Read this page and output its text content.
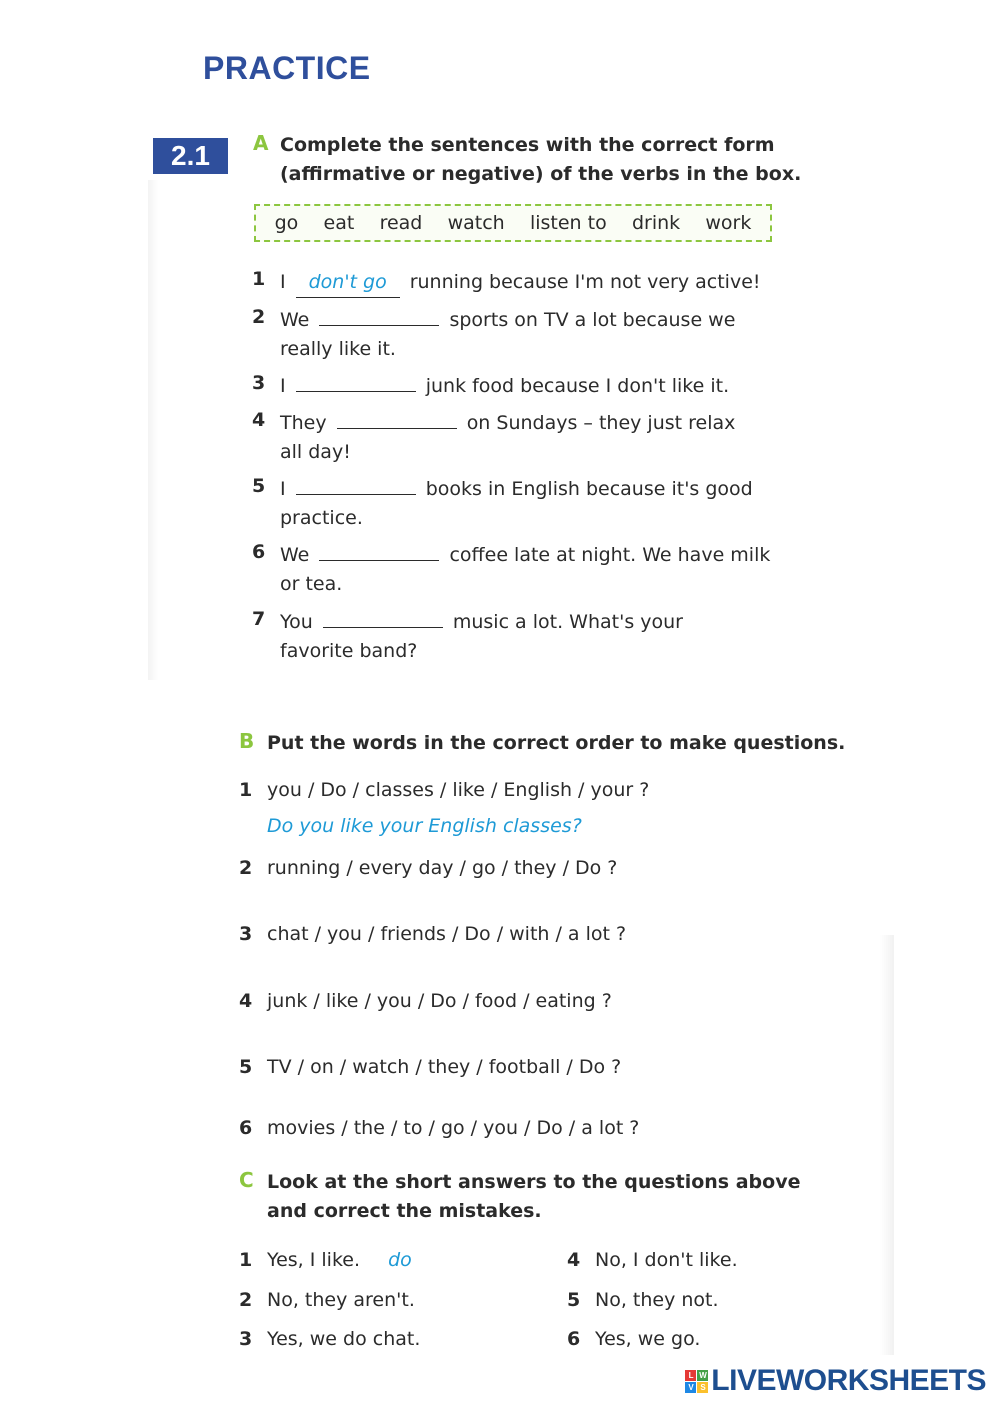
PRACTICE
2.1	A Complete the sentences with the correct form
(affirmative or negative) of the verbs in the box.
go eat read watch listen to drink work
1 I don't go running because I'm not very active!
2 We	sports on TV a lot because we
really like it.
3 I	junk food because I don't like it.
4 They	on Sundays – they just relax
all day!
5 I	books in English because it's good
practice.
6 We	coffee late at night. We have milk
or tea.
7 You	music a lot. What's your
favorite band?
B Put the words in the correct order to make questions.
1 you / Do / classes / like / English / your ?
Do you like your English classes?
2 running / every day / go / they / Do ?
3 chat / you / friends / Do / with / a lot ?
4 junk / like / you / Do / food / eating ?
5 TV / on / watch / they / football / Do ?
6 movies / the / to / go / you / Do / a lot ?
C Look at the short answers to the questions above
and correct the mistakes.
1 Yes, I like. do
2 No, they aren't.
3 Yes, we do chat.
4 No, I don't like.
5 No, they not.
6 Yes, we go.
L W
V S LIVEWORKSHEETS
